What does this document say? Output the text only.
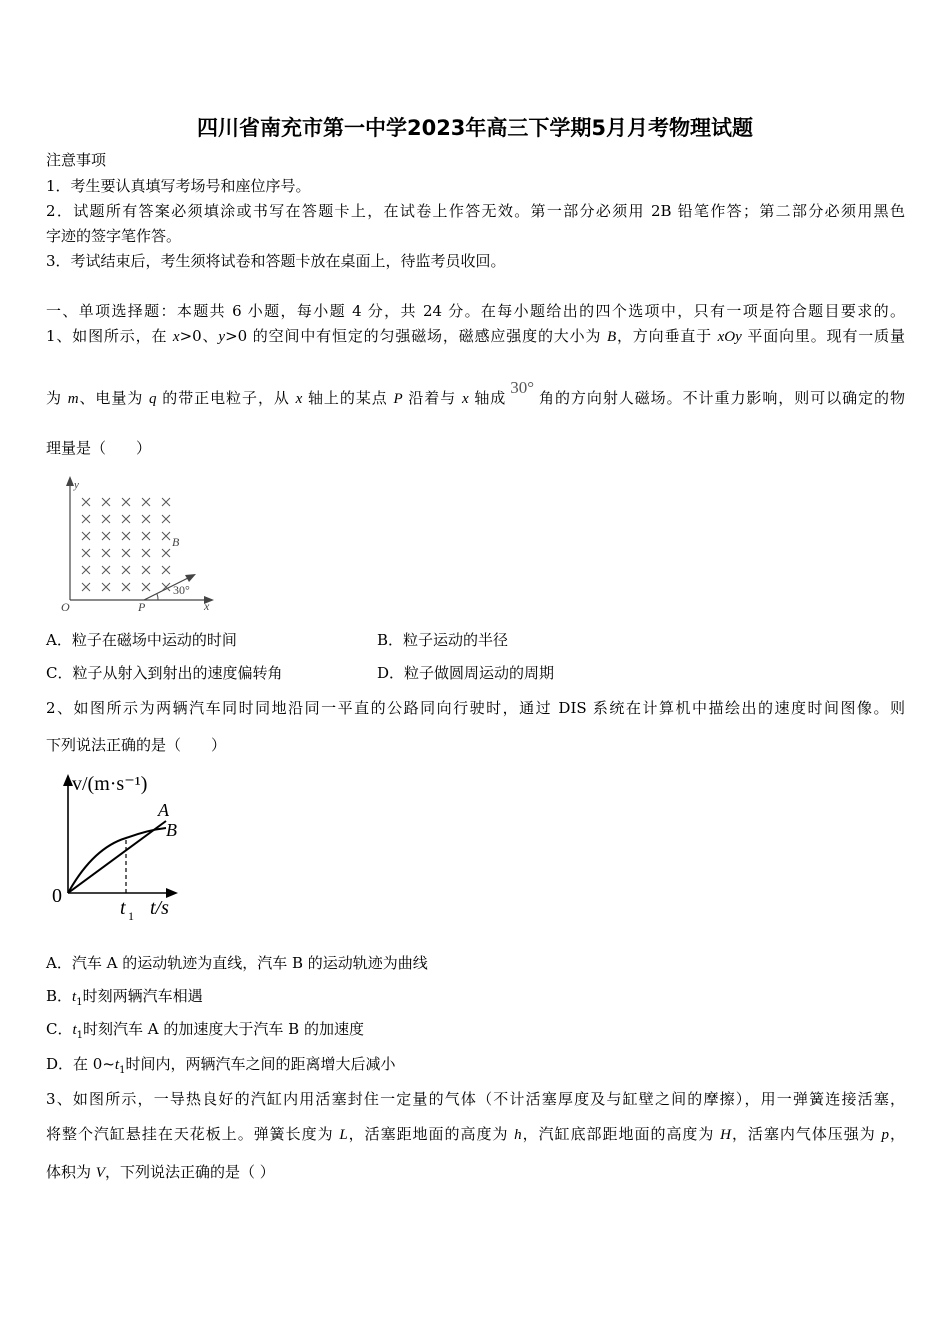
四川省南充市第一中学2023年高三下学期5月月考物理试题
注意事项
1．考生要认真填写考场号和座位序号。
2．试题所有答案必须填涂或书写在答题卡上，在试卷上作答无效。第一部分必须用 2B 铅笔作答；第二部分必须用黑色
字迹的签字笔作答。
3．考试结束后，考生须将试卷和答题卡放在桌面上，待监考员收回。
一、单项选择题：本题共 6 小题，每小题 4 分，共 24 分。在每小题给出的四个选项中，只有一项是符合题目要求的。
1、如图所示，在 x>0、y>0 的空间中有恒定的匀强磁场，磁感应强度的大小为 B，方向垂直于 xOy 平面向里。现有一质量
为 m、电量为 q 的带正电粒子，从 x 轴上的某点 P 沿着与 x 轴成30°角的方向射人磁场。不计重力影响，则可以确定的物
理量是（　　）
y
x
O	P
B
30°
A．粒子在磁场中运动的时间	B．粒子运动的半径
C．粒子从射入到射出的速度偏转角	D．粒子做圆周运动的周期
2、如图所示为两辆汽车同时同地沿同一平直的公路同向行驶时，通过 DIS 系统在计算机中描绘出的速度时间图像。则
下列说法正确的是（　　）
v/(m·s⁻¹)
A
B
0
t 1 t/s
A．汽车 A 的运动轨迹为直线，汽车 B 的运动轨迹为曲线
B．$t_1$时刻两辆汽车相遇
C．$t_1$时刻汽车 A 的加速度大于汽车 B 的加速度
D．在 $0\sim t_1$时间内，两辆汽车之间的距离增大后减小
3、如图所示，一导热良好的汽缸内用活塞封住一定量的气体（不计活塞厚度及与缸壁之间的摩擦），用一弹簧连接活塞，
将整个汽缸悬挂在天花板上。弹簧长度为 L，活塞距地面的高度为 h，汽缸底部距地面的高度为 H，活塞内气体压强为 p，
体积为 V，下列说法正确的是（ ）
